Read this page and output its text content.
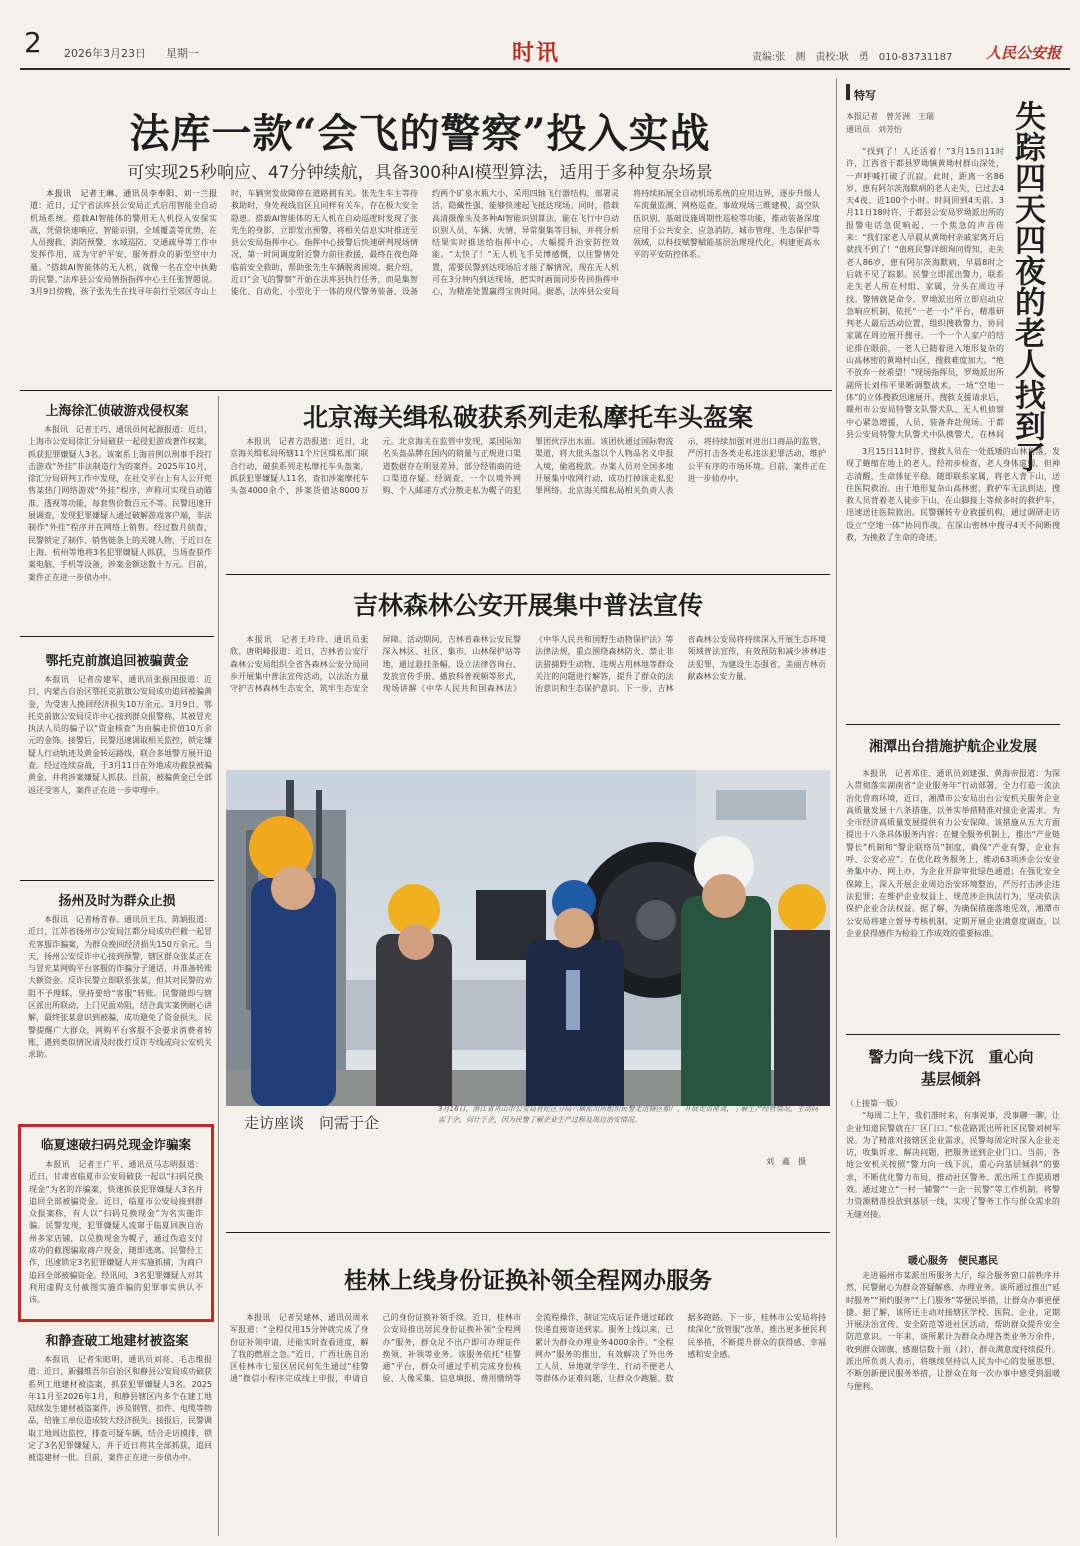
2 2026年3月23日 星期一	时讯	责编:张　测　责校:耿　勇　010-83731187 人民公安报
法库一款“会飞的警察”投入实战
可实现25秒响应、47分钟续航，具备300种AI模型算法，适用于多种复杂场景

本报讯　记者王琳、通讯员李奉阳、刘一兰报道：近日，辽宁省法库县公安局正式启用智能全自动机场系统。搭载AI智能体的警用无人机投入安保实战，凭借快速响应、智能识别、全域覆盖等优势，在人员搜救、消防预警、水域巡防、交通疏导等工作中发挥作用，成为守护平安、服务群众的新型空中力量。“搭载AI智能体的无人机，就像一名在空中执勤的民警。”法库县公安局情指指挥中心主任张智超说。3月9日傍晚，孩子张先生在找寻年前行至郊区寺山上时，车辆突发故障停在道路拥有关。张先生车主等待救助时，身处视线盲区且同样有关车，存在极大安全隐患。搭载AI智能体的无人机在自动巡逻时发现了张先生的身影，立即发出预警，将相关信息实时推送至县公安局指挥中心。指挥中心接警后快速研判现场情况，第一时间调度附近警力前往救援，最终在夜色降临前安全救助，帮助张先生车辆脱离困境。据介绍，近日“会飞的警察”开始在法库县执行任务，而是集智能化、自动化、小型化于一体的现代警务装备，设备约两个矿泉水瓶大小，采用四轴飞行器结构，部署灵活，隐藏性强，能够快速起飞抵达现场。同时，搭载高清摄像头及多种AI智能识别算法，能在飞行中自动识别人员、车辆、火情、异常聚集等目标，并将分析结果实时推送给指挥中心，大幅提升治安防控效能。“太快了！”无人机飞手吴博感慨，以往警情处置，需要民警到达现场后才能了解情况，现在无人机可在3分钟内到达现场，把实时画面同步传回指挥中心，为精准处置赢得宝贵时间。据悉，法库县公安局将持续拓展全自动机场系统的应用边界，逐步升级人车流量监测、网格巡查、事故现场三维建模、高空队伍识别、基础设施周期性巡检等功能，推动装备深度应用于公共安全、应急消防、城市管理、生态保护等领域，以科技赋警赋能基层治理现代化，构建更高水平的平安防控体系。

特写
本报记者　曾芳洲　王瑞
通讯员　刘芳怡	失踪四天四夜的老人找到了

“找到了！人还活着！”3月15日11时许，江西省于都县罗坳镇黄坳村群山深处，一声呼喊打破了沉寂。此时，距离一名86岁、患有阿尔茨海默病的老人走失，已过去4天4夜、近100个小时。时间回到4天前。3月11日18时许，于都县公安局罗坳派出所的报警电话急促响起，一个焦急的声音传来：“我们家老人早晨从黄坳村亲戚家离开后就找不到了！”值班民警详细询问得知，走失老人86岁，患有阿尔茨海默病，早晨8时之后就不见了踪影。民警立即派出警力，联系走失老人所在村组、家属，分头在周边寻找。警情就是命令。罗坳派出所立即启动应急响应机制，依托“一老一小”平台，精准研判老人最后活动位置，组织搜救警力，协同家属在周边展开搜寻。一个一个人家户的结论排在眼前，一老人已随着进入地形复杂的山高林密的黄坳村山区，搜救难度加大。“绝不放弃一丝希望！”现场指挥员，罗坳派出所副所长刘伟平果断调整战术，一场“空地一体”的立体搜救迅速展开。搜救支援请求后，赣州市公安局特警支队警犬队、无人机侦察中心紧急增援，人员、装备奔赴现场。于都县公安局特警大队警犬中队携警犬，在林间

3月15日11时许，搜救人员在一处低矮的山林角落，发现了蜷缩在地上的老人。经初步检查，老人身体虚弱，但神志清醒，生命体征平稳。随即联系家属，将老人背下山，送往医院救治。由于地形复杂山高林密，救护车无法到达，搜救人员背着老人徒步下山，在山脚接上等候多时的救护车，迅速送往医院救治。民警辗转专业救援机构，通过调研走访设立“空地一体”协同作战，在深山密林中搜寻4天不间断搜救，为挽救了生命的奇迹。

湘潭出台措施护航企业发展

本报讯　记者邓佳、通讯员刘建强、黄海帝报道：为深入贯彻落实湖南省“企业服务年”行动部署，全力打造一流法治化营商环境，近日，湘潭市公安局出台公安机关服务企业高质量发展十八条措施，以务实举措精准对接企业需求，为全市经济高质量发展提供有力公安保障。该措施从五大方面提出十八条具体服务内容：在健全服务机制上，推出“产业链警长”机制和“警企联络员”制度，确保“产业有警，企业有呼、公安必应”；在优化政务服务上，推动63项涉企公安业务集中办、网上办，为企业开辟审批绿色通道；在强化安全保障上，深入开展企业周边治安环境整治，严厉打击涉企违法犯罪；在维护企业权益上，规范涉企执法行为，坚决依法保护企业合法权益。据了解，为确保措施落地见效，湘潭市公安局将建立督导考核机制，定期开展企业满意度调查，以企业获得感作为检验工作成效的重要标准。

警力向一线下沉　重心向基层倾斜

（上接第一版）

“每周二上午，我们准时来，有事说事，没事聊一聊，让企业知道民警就在厂区门口。”松花路派出所社区民警刘树军说。为了精准对接辖区企业需求，民警每周定时深入企业走访，收集诉求、解决问题，把服务送到企业门口。当前，各地公安机关按照“警力向一线下沉，重心向基层倾斜”的要求，不断优化警力布局，推动社区警务、派出所工作提质增效。通过建立“一村一辅警”“一企一民警”等工作机制，将警力资源精准投放到基层一线，实现了警务工作与群众需求的无缝对接。

暖心服务　便民惠民

走进福州市某派出所服务大厅，综合服务窗口前秩序井然，民警耐心为群众答疑解惑、办理业务。该所通过推出“延时服务”“预约服务”“上门服务”等便民举措，让群众办事更便捷。据了解，该所还主动对接辖区学校、医院、企业，定期开展法治宣传、安全防范等进社区活动，帮助群众提升安全防范意识。一年来，该所累计为群众办理各类业务万余件，收到群众锦旗、感谢信数十面（封），群众满意度持续提升。派出所负责人表示，将继续坚持以人民为中心的发展思想，不断创新便民服务举措，让群众在每一次办事中感受到温暖与便利。

上海徐汇侦破游戏侵权案

本报讯　记者王巧、通讯员何起源报道：近日，上海市公安局徐汇分局破获一起侵犯游戏著作权案，抓获犯罪嫌疑人3名。该案系上海首例以刑事手段打击游戏“外挂”非法制造行为的案件。2025年10月，徐汇分局研判工作中发现，在社交平台上有人公开兜售某热门网络游戏“外挂”程序，声称可实现自动瞄准、透视等功能，每套售价数百元不等。民警迅速开展调查，发现犯罪嫌疑人通过破解游戏客户端，非法制作“外挂”程序并在网络上销售。经过数月侦查，民警锁定了制作、销售链条上的关键人物，于近日在上海、杭州等地将3名犯罪嫌疑人抓获，当场查获作案电脑、手机等设备，涉案金额达数十万元。目前，案件正在进一步侦办中。

鄂托克前旗追回被骗黄金

本报讯　记者房建军、通讯员张振国报道：近日，内蒙古自治区鄂托克前旗公安局成功追回被骗黄金，为受害人挽回经济损失10万余元。3月9日，鄂托克前旗公安局反诈中心接到群众报警称，其被冒充执法人员的骗子以“资金核查”为由骗走价值10万余元的金饰。接警后，民警迅速调取相关监控，锁定嫌疑人行动轨迹及黄金转运路线，联合多地警方展开追查。经过连续奋战，于3月11日在外地成功截获被骗黄金，并将涉案嫌疑人抓获。目前，被骗黄金已全部返还受害人，案件正在进一步审理中。

扬州及时为群众止损

本报讯　记者杨青春、通讯员王兵、陈娟报道：近日，江苏省扬州市公安局江都分局成功拦截一起冒充客服诈骗案，为群众挽回经济损失150万余元。当天，扬州公安反诈中心接到预警，辖区群众张某正在与冒充某网购平台客服的诈骗分子通话，并准备转账大额资金。反诈民警立即联系张某，但其对民警的劝阻不予理睬，坚持要给“客服”转账。民警随即与辖区派出所联动，上门见面劝阻，结合真实案例耐心讲解，最终张某意识到被骗，成功避免了资金损失。民警提醒广大群众，网购平台客服不会要求消费者转账，遇到类似情况请及时拨打反诈专线或向公安机关求助。

临夏速破扫码兑现金诈骗案

本报讯　记者王广平、通讯员马志明报道：近日，甘肃省临夏市公安局破获一起以“扫码兑换现金”为名的诈骗案，快速抓获犯罪嫌疑人3名并追回全部被骗资金。近日，临夏市公安局接到群众报案称，有人以“扫码兑换现金”为名实施诈骗。民警发现，犯罪嫌疑人流窜于临夏回族自治州多家店铺，以兑换现金为幌子，通过伪造支付成功的截图骗取商户现金，随即逃离。民警经工作，迅速锁定3名犯罪嫌疑人并实施抓捕，为商户追回全部被骗资金。经讯问，3名犯罪嫌疑人对其利用虚假支付截图实施诈骗的犯罪事实供认不讳。

和静查破工地建材被盗案

本报讯　记者朱暄明、通讯员刘亮、毛志维报道：近日，新疆维吾尔自治区和静县公安局成功破获系列工地建材被盗案，抓获犯罪嫌疑人3名。2025年11月至2026年1月，和静县辖区内多个在建工地陆续发生建材被盗案件，涉及钢管、扣件、电缆等物品，给施工单位造成较大经济损失。接报后，民警调取工地周边监控，排查可疑车辆，结合走访摸排，锁定了3名犯罪嫌疑人，并于近日将其全部抓获，追回被盗建材一批。目前，案件正在进一步侦办中。

北京海关缉私破获系列走私摩托车头盔案

本报讯　记者方浩报道：近日，北京海关缉私局所辖11个片区缉私部门联合行动，破获系列走私摩托车头盔案，抓获犯罪嫌疑人11名，查扣涉案摩托车头盔4000余个，涉案货值达8000万元。北京海关在监管中发现，某国际知名头盔品牌在国内的销量与正规进口渠道数据存在明显差异，部分经销商的进口渠道存疑。经调查，一个以境外网购、个人邮递方式分散走私为幌子的犯罪团伙浮出水面。该团伙通过国际物流渠道，将大批头盔以个人物品名义申报入境，偷逃税款。办案人员对全国多地开展集中收网行动，成功打掉该走私犯罪网络。北京海关缉私局相关负责人表示，将持续加强对进出口商品的监管，严厉打击各类走私违法犯罪活动，维护公平有序的市场环境。目前，案件正在进一步侦办中。

吉林森林公安开展集中普法宣传

本报讯　记者王玲玲、通讯员张欣、唐明峰报道：近日，吉林省公安厅森林公安局组织全省各森林公安分局同步开展集中普法宣传活动，以法治力量守护吉林森林生态安全，筑牢生态安全屏障。活动期间，吉林省森林公安民警深入林区、社区、集市、山林保护站等地，通过悬挂条幅、设立法律咨询台、发放宣传手册、播放科普视频等形式，现场讲解《中华人民共和国森林法》《中华人民共和国野生动物保护法》等法律法规，重点围绕森林防火、禁止非法猎捕野生动物、违规占用林地等群众关注的问题进行解答，提升了群众的法治意识和生态保护意识。下一步，吉林省森林公安局将持续深入开展生态环境领域普法宣传，有效预防和减少涉林违法犯罪，为建设生态强省、美丽吉林贡献森林公安力量。

走访座谈　问需于企
3月16日，浙江省舟山市公安局普陀区分局六横派出所组织民警走进辖区船厂，开展走访座谈，了解生产经营情况，主动问需于企、问计于企，因为民警了解企业生产过程及周边治安情况。
刘　鑫　摄
桂林上线身份证换补领全程网办服务

本报讯　记者吴建林、通讯员周永军报道：“全程仅用15分钟就完成了身份证补领申请，还能实时查看进度，解了我的燃眉之急。”近日，广西壮族自治区桂林市七星区居民何先生通过“桂警通”微信小程序完成线上申报，申请自己的身份证换补领手续。近日，桂林市公安局推出居民身份证换补领“全程网办”服务，群众足不出户即可办理证件换领、补领等业务。该服务依托“桂警通”平台，群众可通过手机完成身份核验、人像采集、信息填报、费用缴纳等全流程操作，制证完成后证件通过邮政快递直接寄送到家。服务上线以来，已累计为群众办理业务4000余件。“全程网办”服务的推出，有效解决了外出务工人员、异地就学学生、行动不便老人等群体办证难问题，让群众少跑腿、数据多跑路。下一步，桂林市公安局将持续深化“放管服”改革，推出更多便民利民举措，不断提升群众的获得感、幸福感和安全感。
